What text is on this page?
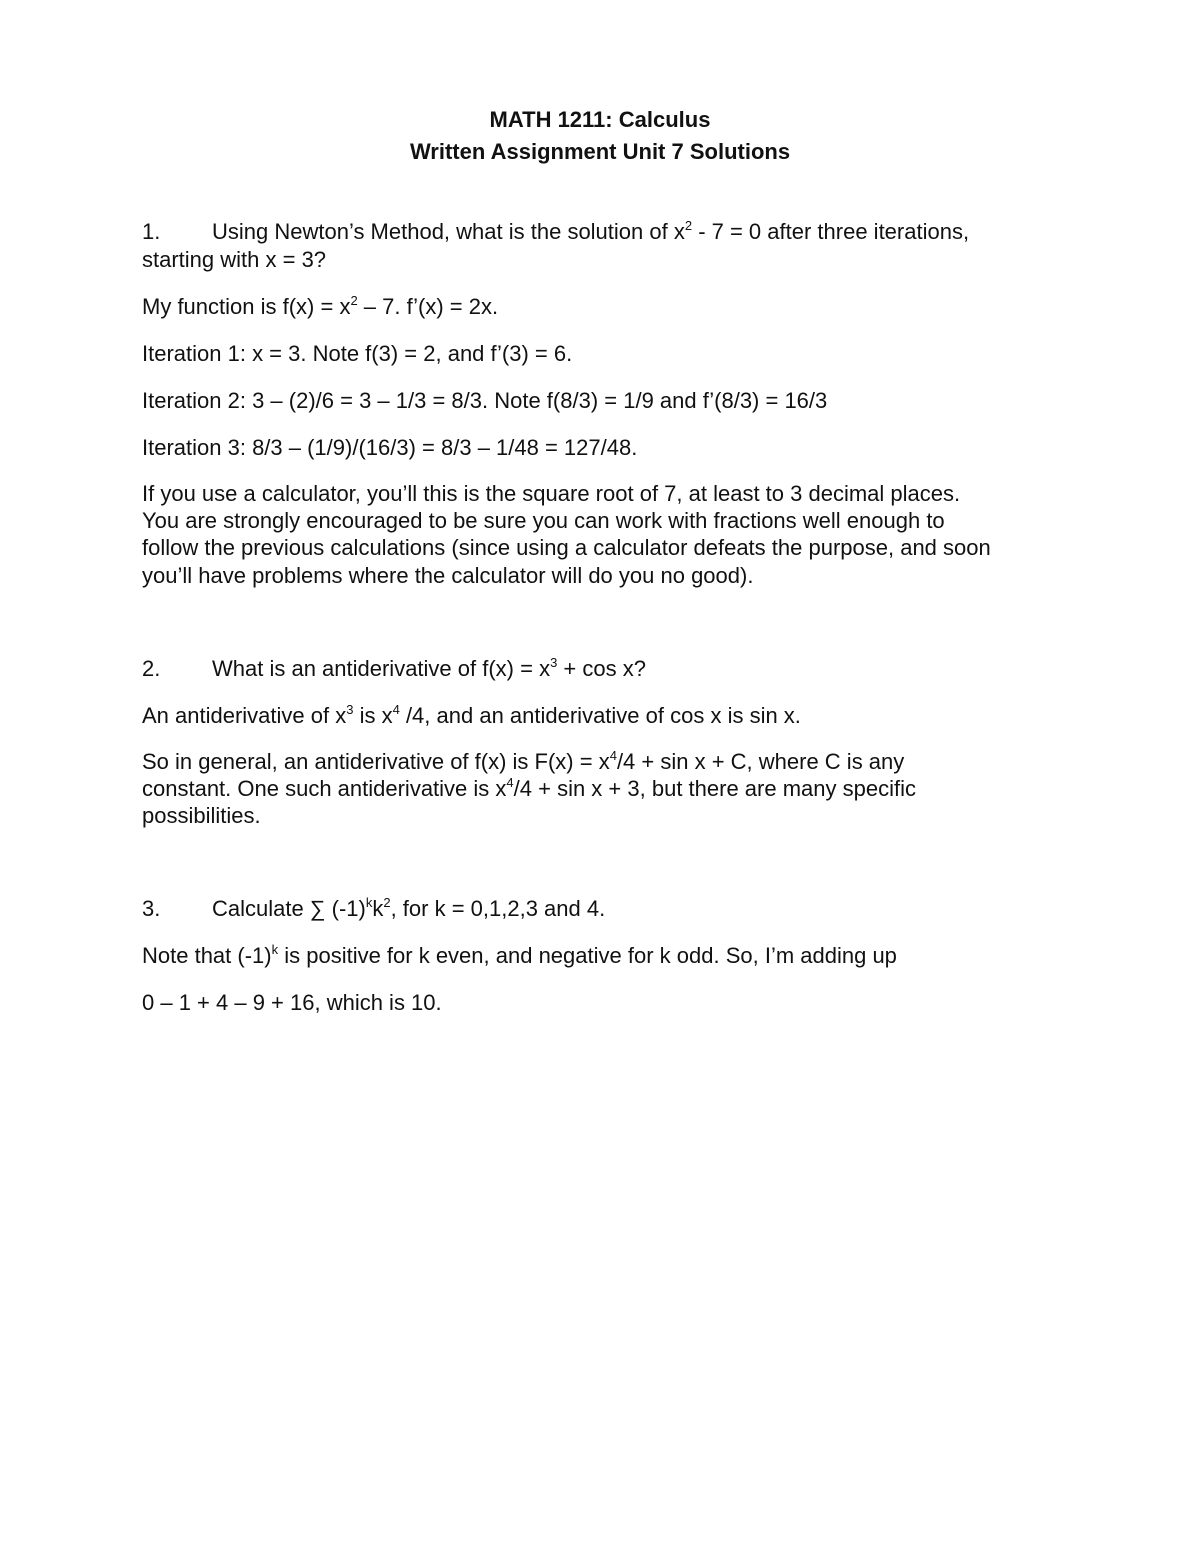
MATH 1211: Calculus
Written Assignment Unit 7 Solutions
1. Using Newton’s Method, what is the solution of $x^2 - 7 = 0$ after three iterations,
starting with x = 3?
My function is $f(x) = x^2 - 7$. f’(x) = 2x.
Iteration 1: x = 3. Note f(3) = 2, and f’(3) = 6.
Iteration 2: 3 – (2)/6 = 3 – 1/3 = 8/3. Note f(8/3) = 1/9 and f’(8/3) = 16/3
Iteration 3: 8/3 – (1/9)/(16/3) = 8/3 – 1/48 = 127/48.
If you use a calculator, you’ll this is the square root of 7, at least to 3 decimal places.
You are strongly encouraged to be sure you can work with fractions well enough to
follow the previous calculations (since using a calculator defeats the purpose, and soon
you’ll have problems where the calculator will do you no good).
2. What is an antiderivative of $f(x) = x^3 + \cos x$?
An antiderivative of $x^3$ is $x^4$ /4, and an antiderivative of cos x is sin x.
So in general, an antiderivative of f(x) is $F(x) = x^4/4 + \sin x + C$, where C is any
constant. One such antiderivative is $x^4/4 + \sin x + 3$, but there are many specific
possibilities.
3. Calculate ∑ $(-1)^kk^2$, for k = 0,1,2,3 and 4.
Note that $(-1)^k$ is positive for k even, and negative for k odd. So, I’m adding up
0 – 1 + 4 – 9 + 16, which is 10.
